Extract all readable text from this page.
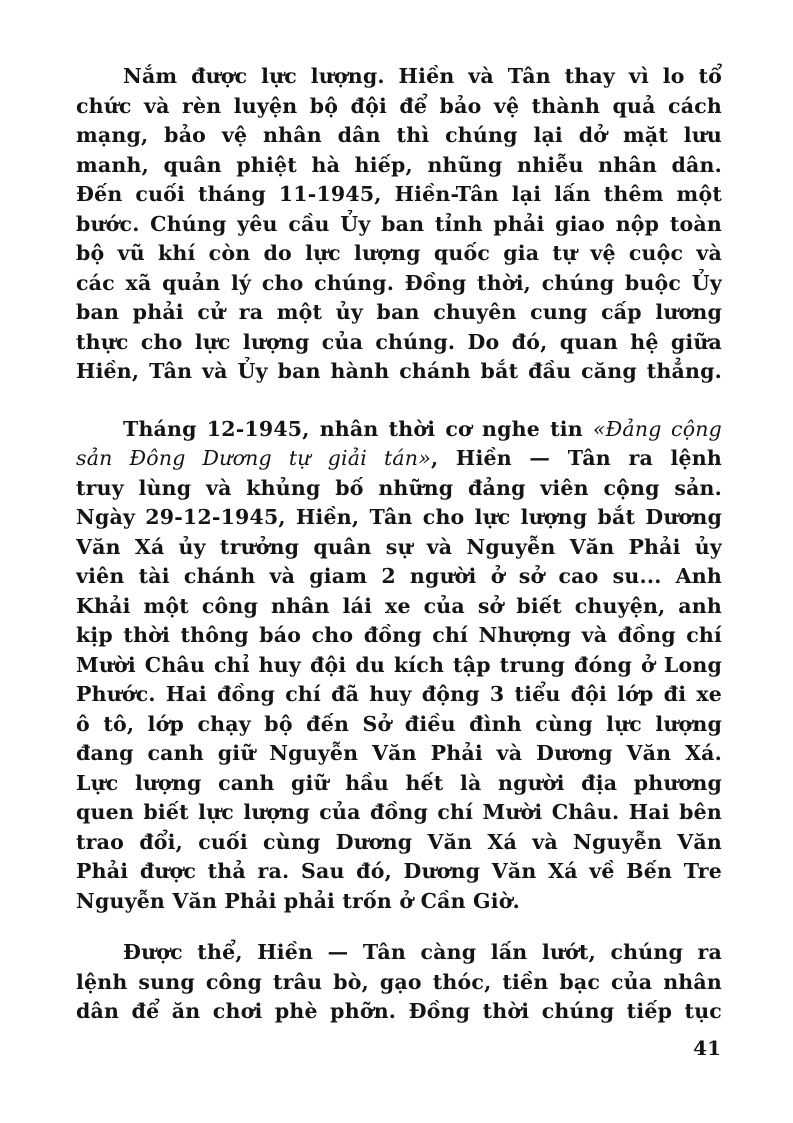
Nắm được lực lượng. Hiền và Tân thay vì lo tổ
chức và rèn luyện bộ đội để bảo vệ thành quả cách
mạng, bảo vệ nhân dân thì chúng lại dở mặt lưu
manh, quân phiệt hà hiếp, nhũng nhiễu nhân dân.
Đến cuối tháng 11-1945, Hiền-Tân lại lấn thêm một
bước. Chúng yêu cầu Ủy ban tỉnh phải giao nộp toàn
bộ vũ khí còn do lực lượng quốc gia tự vệ cuộc và
các xã quản lý cho chúng. Đồng thời, chúng buộc Ủy
ban phải cử ra một ủy ban chuyên cung cấp lương
thực cho lực lượng của chúng. Do đó, quan hệ giữa
Hiền, Tân và Ủy ban hành chánh bắt đầu căng thẳng.
Tháng 12-1945, nhân thời cơ nghe tin «Đảng cộng
sản Đông Dương tự giải tán», Hiền — Tân ra lệnh
truy lùng và khủng bố những đảng viên cộng sản.
Ngày 29-12-1945, Hiền, Tân cho lực lượng bắt Dương
Văn Xá ủy trưởng quân sự và Nguyễn Văn Phải ủy
viên tài chánh và giam 2 người ở sở cao su... Anh
Khải một công nhân lái xe của sở biết chuyện, anh
kịp thời thông báo cho đồng chí Nhượng và đồng chí
Mười Châu chỉ huy đội du kích tập trung đóng ở Long
Phước. Hai đồng chí đã huy động 3 tiểu đội lớp đi xe
ô tô, lớp chạy bộ đến Sở điều đình cùng lực lượng
đang canh giữ Nguyễn Văn Phải và Dương Văn Xá.
Lực lượng canh giữ hầu hết là người địa phương
quen biết lực lượng của đồng chí Mười Châu. Hai bên
trao đổi, cuối cùng Dương Văn Xá và Nguyễn Văn
Phải được thả ra. Sau đó, Dương Văn Xá về Bến Tre
Nguyễn Văn Phải phải trốn ở Cần Giờ.
Được thể, Hiền — Tân càng lấn lướt, chúng ra
lệnh sung công trâu bò, gạo thóc, tiền bạc của nhân
dân để ăn chơi phè phỡn. Đồng thời chúng tiếp tục
41
